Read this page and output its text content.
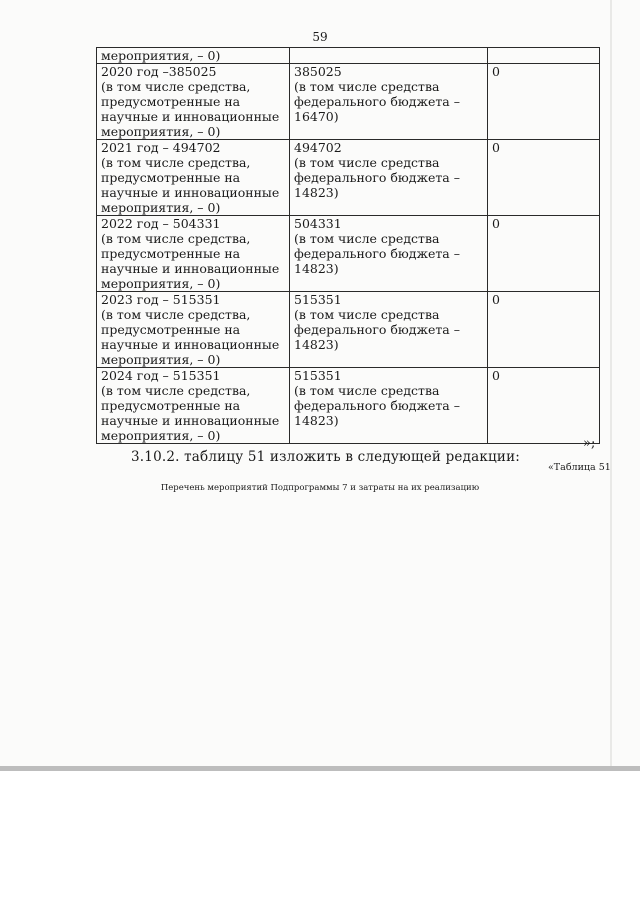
59
мероприятия, – 0)		
2020 год –385025
(в том числе средства,
предусмотренные на
научные и инновационные
мероприятия, – 0)	385025
(в том числе средства
федерального бюджета –
16470)	0
2021 год – 494702
(в том числе средства,
предусмотренные на
научные и инновационные
мероприятия, – 0)	494702
(в том числе средства
федерального бюджета –
14823)	0
2022 год – 504331
(в том числе средства,
предусмотренные на
научные и инновационные
мероприятия, – 0)	504331
(в том числе средства
федерального бюджета –
14823)	0
2023 год – 515351
(в том числе средства,
предусмотренные на
научные и инновационные
мероприятия, – 0)	515351
(в том числе средства
федерального бюджета –
14823)	0
2024 год – 515351
(в том числе средства,
предусмотренные на
научные и инновационные
мероприятия, – 0)	515351
(в том числе средства
федерального бюджета –
14823)	0
»;
3.10.2. таблицу 51 изложить в следующей редакции:
«Таблица 51
Перечень мероприятий Подпрограммы 7 и затраты на их реализацию
